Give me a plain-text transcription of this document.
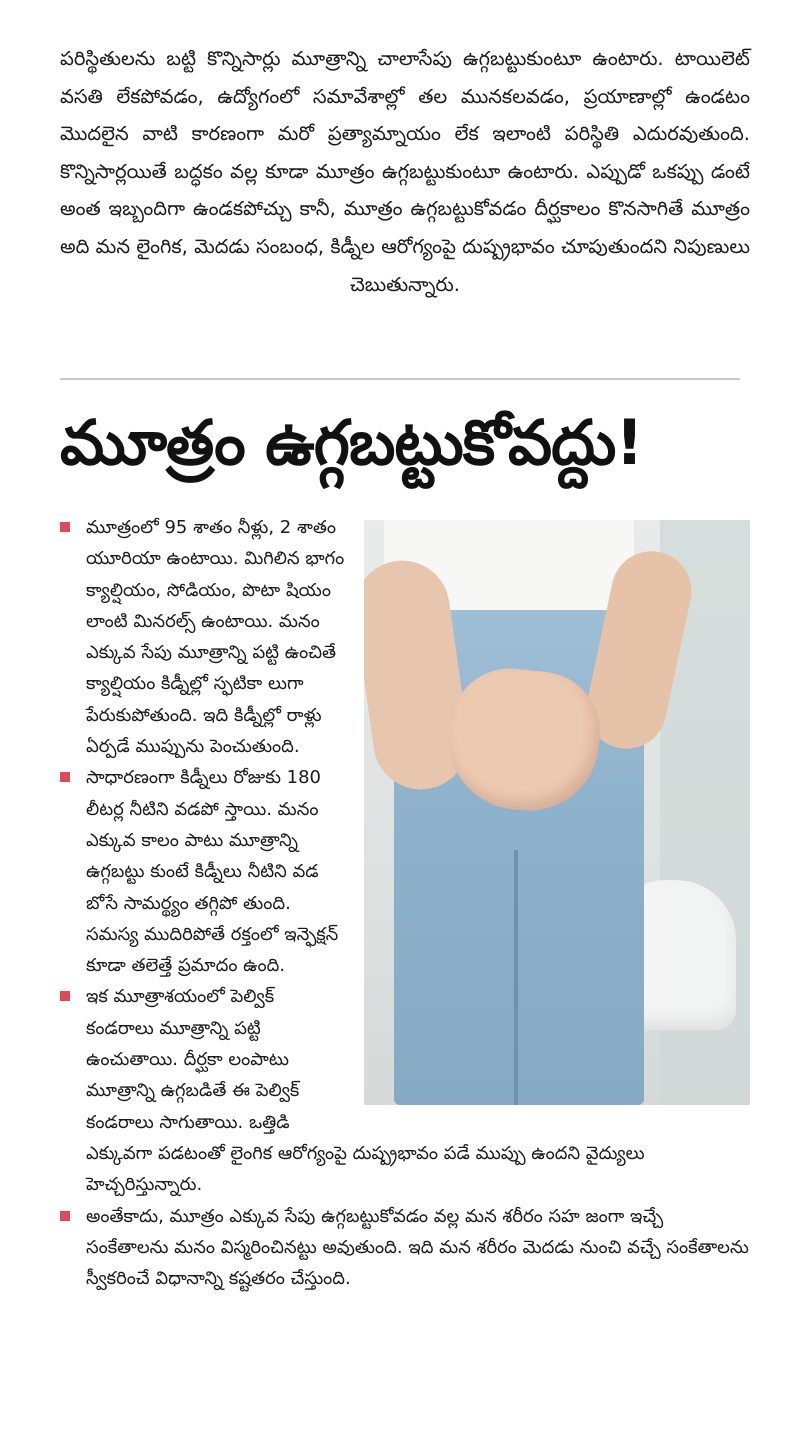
పరిస్థితులను బట్టి కొన్నిసార్లు మూత్రాన్ని చాలాసేపు ఉగ్గబట్టుకుంటూ ఉంటారు. టాయిలెట్ వసతి లేకపోవడం, ఉద్యోగంలో సమావేశాల్లో తల మునకలవడం, ప్రయాణాల్లో ఉండటం మొదలైన వాటి కారణంగా మరో ప్రత్యామ్నాయం లేక ఇలాంటి పరిస్థితి ఎదురవుతుంది. కొన్నిసార్లయితే బద్ధకం వల్ల కూడా మూత్రం ఉగ్గబట్టుకుంటూ ఉంటారు. ఎప్పుడో ఒకప్పు డంటే అంత ఇబ్బందిగా ఉండకపోచ్చు కానీ, మూత్రం ఉగ్గబట్టుకోవడం దీర్ఘకాలం కొనసాగితే మూత్రం అది మన లైంగిక, మెదడు సంబంధ, కిడ్నీల ఆరోగ్యంపై దుష్ప్రభావం చూపుతుందని నిపుణులు చెబుతున్నారు.
మూత్రం ఉగ్గబట్టుకోవద్దు!

మూత్రంలో 95 శాతం నీళ్లు, 2 శాతం యూరియా ఉంటాయి. మిగిలిన భాగం క్యాల్షియం, సోడియం, పొటా షియం లాంటి మినరల్స్ ఉంటాయి. మనం ఎక్కువ సేపు మూత్రాన్ని పట్టి ఉంచితే క్యాల్షియం కిడ్నీల్లో స్ఫటికా లుగా పేరుకుపోతుంది. ఇది కిడ్నీల్లో రాళ్లు ఏర్పడే ముప్పును పెంచుతుంది.

సాధారణంగా కిడ్నీలు రోజుకు 180 లీటర్ల నీటిని వడపో స్తాయి. మనం ఎక్కువ కాలం పాటు మూత్రాన్ని ఉగ్గబట్టు కుంటే కిడ్నీలు నీటిని వడ బోసే సామర్థ్యం తగ్గిపో తుంది. సమస్య ముదిరిపోతే రక్తంలో ఇన్ఫెక్షన్ కూడా తలెత్తే ప్రమాదం ఉంది.

ఇక మూత్రాశయంలో పెల్విక్ కండరాలు మూత్రాన్ని పట్టి ఉంచుతాయి. దీర్ఘకా లంపాటు మూత్రాన్ని ఉగ్గబడితే ఈ పెల్విక్ కండరాలు సాగుతాయి. ఒత్తిడి ఎక్కువగా పడటంతో లైంగిక ఆరోగ్యంపై దుష్ప్రభావం పడే ముప్పు ఉందని వైద్యులు హెచ్చరిస్తున్నారు.

అంతేకాదు, మూత్రం ఎక్కువ సేపు ఉగ్గబట్టుకోవడం వల్ల మన శరీరం సహ జంగా ఇచ్చే సంకేతాలను మనం విస్మరించినట్టు అవుతుంది. ఇది మన శరీరం మెదడు నుంచి వచ్చే సంకేతాలను స్వీకరించే విధానాన్ని కష్టతరం చేస్తుంది.
